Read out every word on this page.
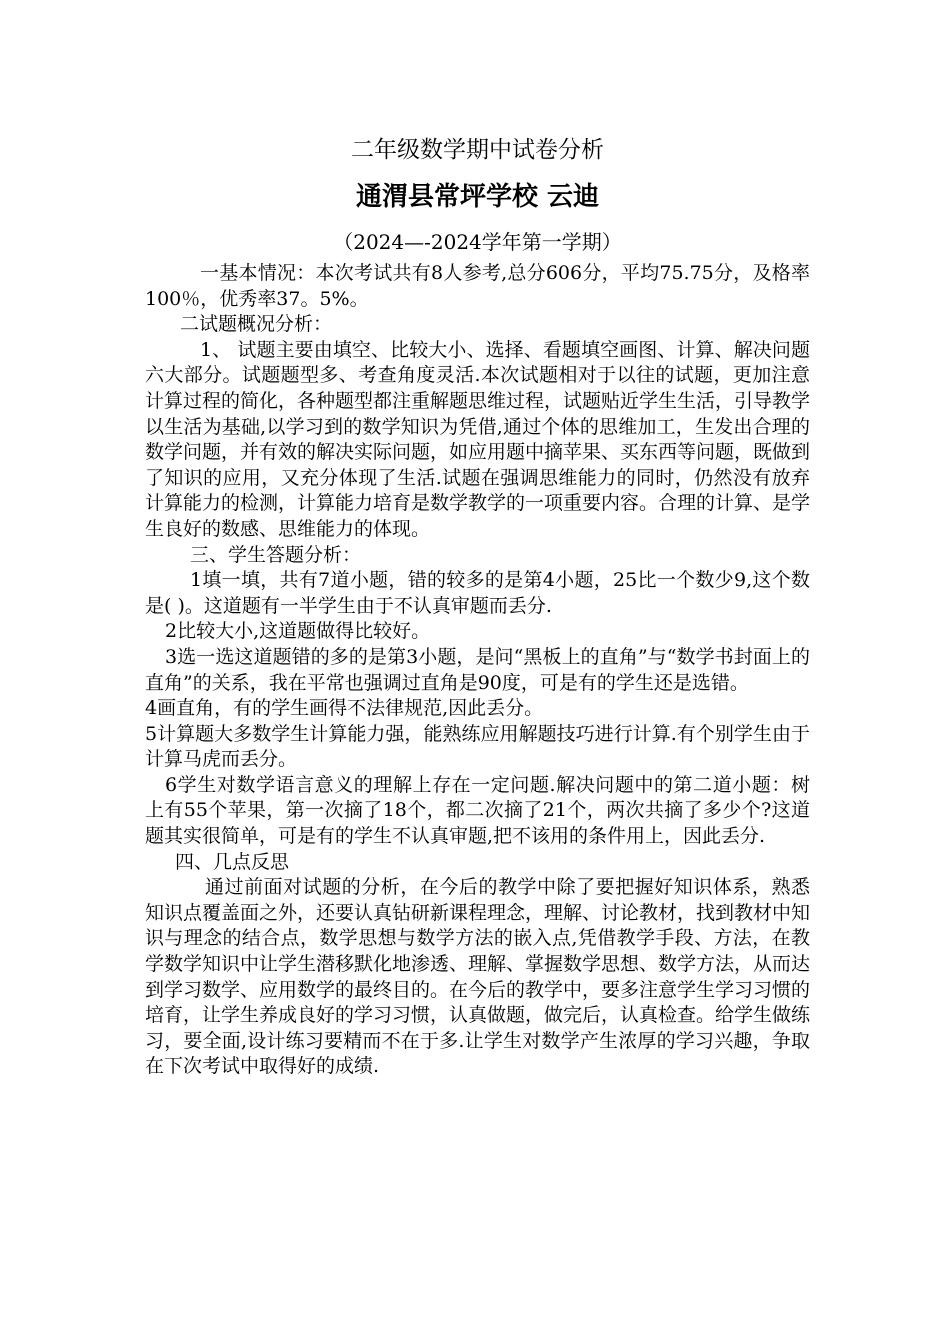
二年级数学期中试卷分析
通渭县常坪学校 云迪
（2024—-2024学年第一学期）

一基本情况：本次考试共有8人参考,总分606分，平均75.75分，及格率100％，优秀率37。5%。

二试题概况分析：

1、 试题主要由填空、比较大小、选择、看题填空画图、计算、解决问题六大部分。试题题型多、考查角度灵活.本次试题相对于以往的试题，更加注意计算过程的简化，各种题型都注重解题思维过程，试题贴近学生生活，引导教学以生活为基础,以学习到的数学知识为凭借,通过个体的思维加工，生发出合理的数学问题，并有效的解决实际问题，如应用题中摘苹果、买东西等问题，既做到了知识的应用，又充分体现了生活.试题在强调思维能力的同时，仍然没有放弃计算能力的检测，计算能力培育是数学教学的一项重要内容。合理的计算、是学生良好的数感、思维能力的体现。

三、学生答题分析：

1填一填，共有7道小题，错的较多的是第4小题，25比一个数少9,这个数是( )。这道题有一半学生由于不认真审题而丢分.

2比较大小,这道题做得比较好。

3选一选这道题错的多的是第3小题，是问“黑板上的直角”与“数学书封面上的直角”的关系，我在平常也强调过直角是90度，可是有的学生还是选错。

4画直角，有的学生画得不法律规范,因此丢分。

5计算题大多数学生计算能力强，能熟练应用解题技巧进行计算.有个别学生由于计算马虎而丢分。

6学生对数学语言意义的理解上存在一定问题.解决问题中的第二道小题：树上有55个苹果，第一次摘了18个，都二次摘了21个，两次共摘了多少个?这道题其实很简单，可是有的学生不认真审题,把不该用的条件用上，因此丢分.

四、几点反思

通过前面对试题的分析，在今后的教学中除了要把握好知识体系，熟悉知识点覆盖面之外，还要认真钻研新课程理念，理解、讨论教材，找到教材中知识与理念的结合点，数学思想与数学方法的嵌入点,凭借教学手段、方法，在教学数学知识中让学生潜移默化地渗透、理解、掌握数学思想、数学方法，从而达到学习数学、应用数学的最终目的。在今后的教学中，要多注意学生学习习惯的培育，让学生养成良好的学习习惯，认真做题，做完后，认真检查。给学生做练习，要全面,设计练习要精而不在于多.让学生对数学产生浓厚的学习兴趣，争取在下次考试中取得好的成绩.
